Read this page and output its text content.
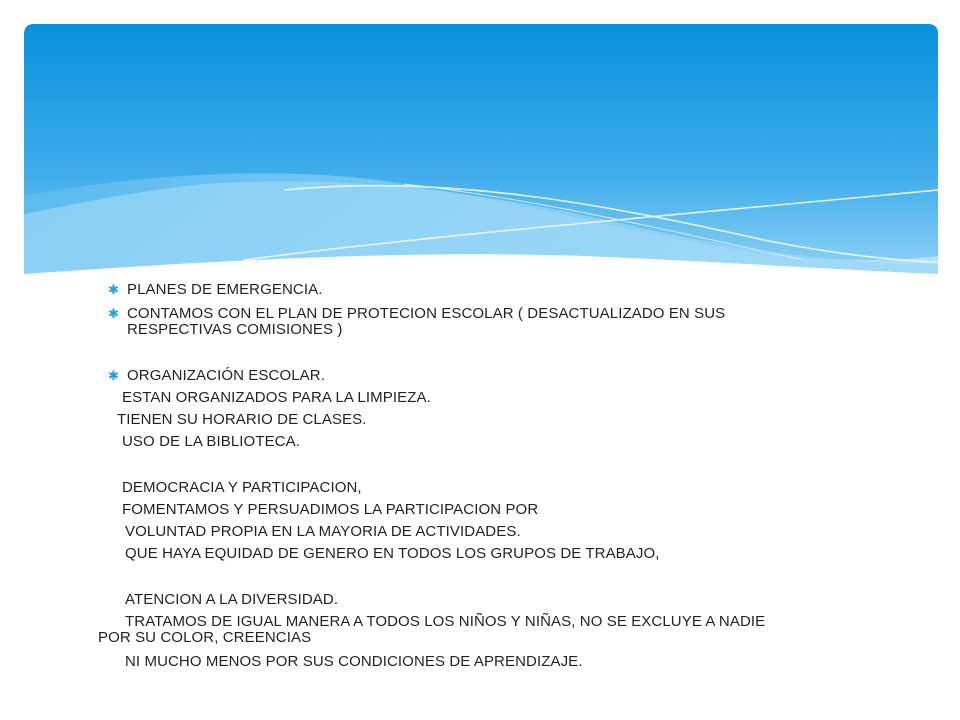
✱ PLANES DE EMERGENCIA.
✱ CONTAMOS CON EL PLAN DE PROTECION ESCOLAR ( DESACTUALIZADO EN SUS
RESPECTIVAS COMISIONES )
✱ ORGANIZACIÓN ESCOLAR.
ESTAN ORGANIZADOS PARA LA LIMPIEZA.
TIENEN SU HORARIO DE CLASES.
USO DE LA BIBLIOTECA.
DEMOCRACIA Y PARTICIPACION,
FOMENTAMOS Y PERSUADIMOS LA PARTICIPACION POR
VOLUNTAD PROPIA EN LA MAYORIA DE ACTIVIDADES.
QUE HAYA EQUIDAD DE GENERO EN TODOS LOS GRUPOS DE TRABAJO,
ATENCION A LA DIVERSIDAD.
TRATAMOS DE IGUAL MANERA A TODOS LOS NIÑOS Y NIÑAS, NO SE EXCLUYE A NADIE
POR SU COLOR, CREENCIAS
NI MUCHO MENOS POR SUS CONDICIONES DE APRENDIZAJE.
